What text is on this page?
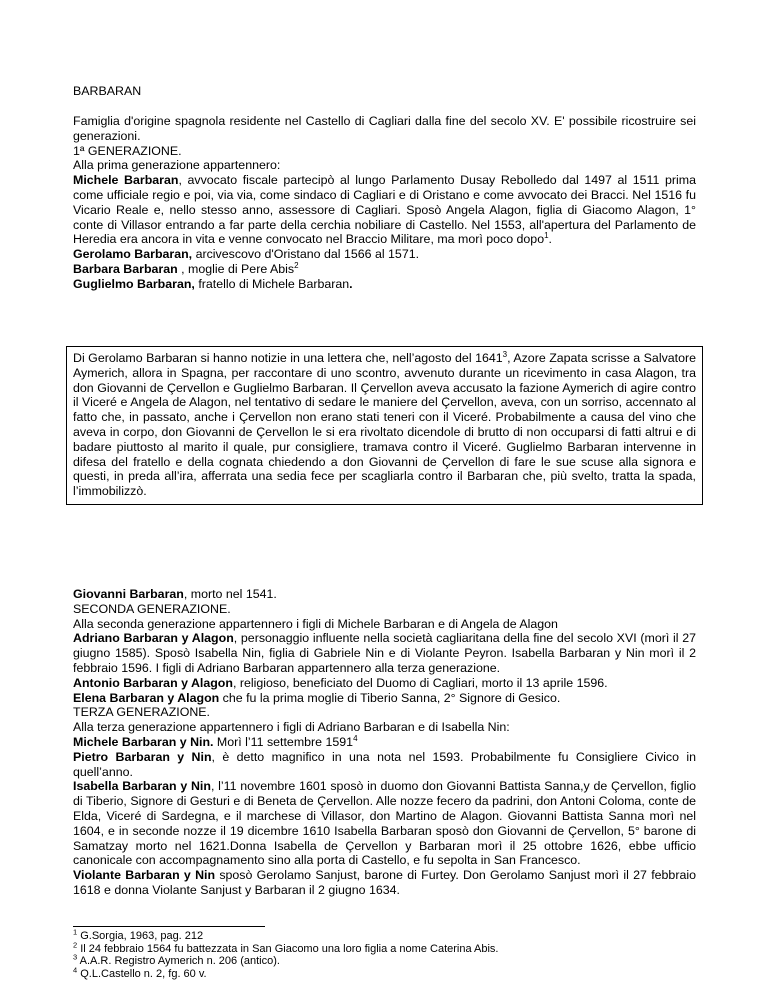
BARBARAN

Famiglia d'origine spagnola residente nel Castello di Cagliari dalla fine del secolo XV. E' possibile ricostruire sei generazioni.

1ª GENERAZIONE.

Alla prima generazione appartennero:

Michele Barbaran, avvocato fiscale partecipò al lungo Parlamento Dusay Rebolledo dal 1497 al 1511 prima come ufficiale regio e poi, via via, come sindaco di Cagliari e di Oristano e come avvocato dei Bracci. Nel 1516 fu Vicario Reale e, nello stesso anno, assessore di Cagliari. Sposò Angela Alagon, figlia di Giacomo Alagon, 1° conte di Villasor entrando a far parte della cerchia nobiliare di Castello. Nel 1553, all'apertura del Parlamento de Heredia era ancora in vita e venne convocato nel Braccio Militare, ma morì poco dopo$^1$.

Gerolamo Barbaran, arcivescovo d'Oristano dal 1566 al 1571.

Barbara Barbaran , moglie di Pere Abis$^2$

Guglielmo Barbaran, fratello di Michele Barbaran.

Di Gerolamo Barbaran si hanno notizie in una lettera che, nell’agosto del 1641$^3$, Azore Zapata scrisse a Salvatore Aymerich, allora in Spagna, per raccontare di uno scontro, avvenuto durante un ricevimento in casa Alagon, tra don Giovanni de Çervellon e Guglielmo Barbaran. Il Çervellon aveva accusato la fazione Aymerich di agire contro il Viceré e Angela de Alagon, nel tentativo di sedare le maniere del Çervellon, aveva, con un sorriso, accennato al fatto che, in passato, anche i Çervellon non erano stati teneri con il Viceré. Probabilmente a causa del vino che aveva in corpo, don Giovanni de Çervellon le si era rivoltato dicendole di brutto di non occuparsi di fatti altrui e di badare piuttosto al marito il quale, pur consigliere, tramava contro il Viceré. Guglielmo Barbaran intervenne in difesa del fratello e della cognata chiedendo a don Giovanni de Çervellon di fare le sue scuse alla signora e questi, in preda all’ira, afferrata una sedia fece per scagliarla contro il Barbaran che, più svelto, tratta la spada, l’immobilizzò.

Giovanni Barbaran, morto nel 1541.

SECONDA GENERAZIONE.

Alla seconda generazione appartennero i figli di Michele Barbaran e di Angela de Alagon

Adriano Barbaran y Alagon, personaggio influente nella società cagliaritana della fine del secolo XVI (morì il 27 giugno 1585). Sposò Isabella Nin, figlia di Gabriele Nin e di Violante Peyron. Isabella Barbaran y Nin morì il 2 febbraio 1596. I figli di Adriano Barbaran appartennero alla terza generazione.

Antonio Barbaran y Alagon, religioso, beneficiato del Duomo di Cagliari, morto il 13 aprile 1596.

Elena Barbaran y Alagon che fu la prima moglie di Tiberio Sanna, 2° Signore di Gesico.

TERZA GENERAZIONE.

Alla terza generazione appartennero i figli di Adriano Barbaran e di Isabella Nin:

Michele Barbaran y Nin. Morì l’11 settembre 1591$^4$

Pietro Barbaran y Nin, è detto magnifico in una nota nel 1593. Probabilmente fu Consigliere Civico in quell’anno.

Isabella Barbaran y Nin, l’11 novembre 1601 sposò in duomo don Giovanni Battista Sanna,y de Çervellon, figlio di Tiberio, Signore di Gesturi e di Beneta de Çervellon. Alle nozze fecero da padrini, don Antoni Coloma, conte de Elda, Viceré di Sardegna, e il marchese di Villasor, don Martino de Alagon. Giovanni Battista Sanna morì nel 1604, e in seconde nozze il 19 dicembre 1610 Isabella Barbaran sposò don Giovanni de Çervellon, 5° barone di Samatzay morto nel 1621.Donna Isabella de Çervellon y Barbaran morì il 25 ottobre 1626, ebbe ufficio canonicale con accompagnamento sino alla porta di Castello, e fu sepolta in San Francesco.

Violante Barbaran y Nin sposò Gerolamo Sanjust, barone di Furtey. Don Gerolamo Sanjust morì il 27 febbraio 1618 e donna Violante Sanjust y Barbaran il 2 giugno 1634.

$^1$ G.Sorgia, 1963, pag. 212

$^2$ Il 24 febbraio 1564 fu battezzata in San Giacomo una loro figlia a nome Caterina Abis.

$^3$ A.A.R. Registro Aymerich n. 206 (antico).

$^4$ Q.L.Castello n. 2, fg. 60 v.
